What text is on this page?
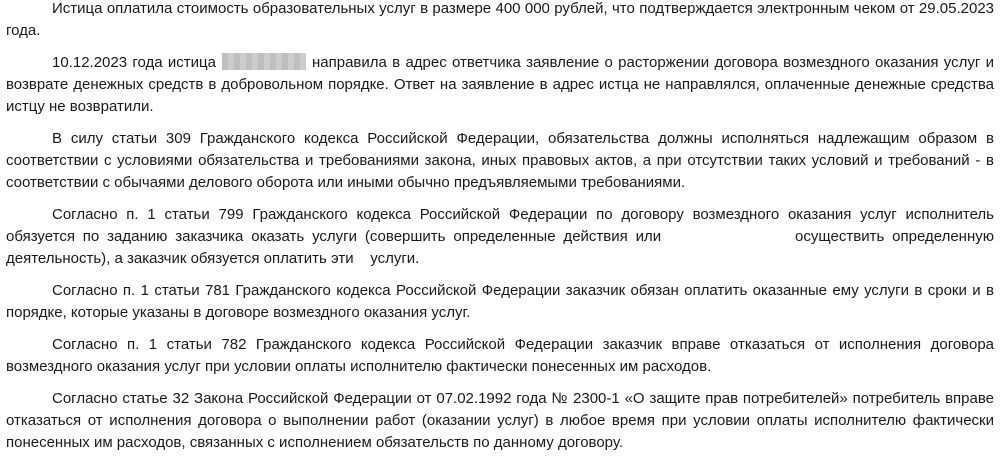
Истица оплатила стоимость образовательных услуг в размере 400 000 рублей, что подтверждается электронным чеком от 29.05.2023 года.

10.12.2023 года истица	направила в адрес ответчика заявление о расторжении договора возмездного оказания услуг и возврате денежных средств в добровольном порядке. Ответ на заявление в адрес истца не направлялся, оплаченные денежные средства истцу не возвратили.

В силу статьи 309 Гражданского кодекса Российской Федерации, обязательства должны исполняться надлежащим образом в соответствии с условиями обязательства и требованиями закона, иных правовых актов, а при отсутствии таких условий и требований - в соответствии с обычаями делового оборота или иными обычно предъявляемыми требованиями.

Согласно п. 1 статьи 799 Гражданского кодекса Российской Федерации по договору возмездного оказания услуг исполнитель обязуется по заданию заказчика оказать услуги (совершить определенные действия или                 осуществить определенную деятельность), а заказчик обязуется оплатить эти    услуги.

Согласно п. 1 статьи 781 Гражданского кодекса Российской Федерации заказчик обязан оплатить оказанные ему услуги в сроки и в порядке, которые указаны в договоре возмездного оказания услуг.

Согласно п. 1 статьи 782 Гражданского кодекса Российской Федерации заказчик вправе отказаться от исполнения договора возмездного оказания услуг при условии оплаты исполнителю фактически понесенных им расходов.

Согласно статье 32 Закона Российской Федерации от 07.02.1992 года № 2300-1 «О защите прав потребителей» потребитель вправе отказаться от исполнения договора о выполнении работ (оказании услуг) в любое время при условии оплаты исполнителю фактически понесенных им расходов, связанных с исполнением обязательств по данному договору.
